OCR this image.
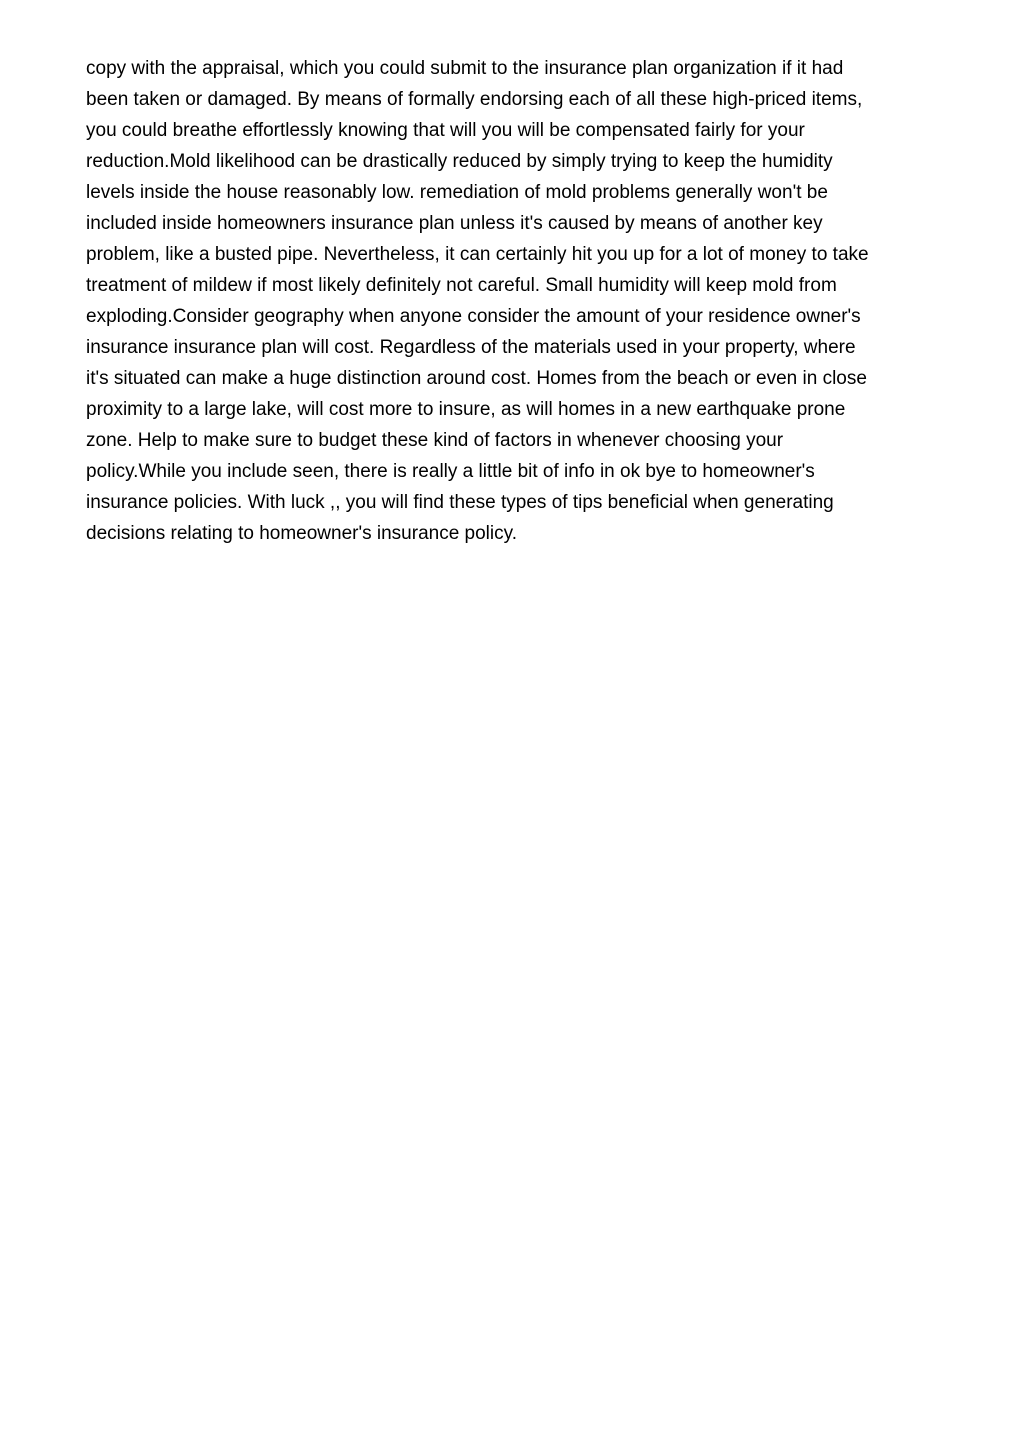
copy with the appraisal, which you could submit to the insurance plan organization if it had
been taken or damaged. By means of formally endorsing each of all these high-priced items,
you could breathe effortlessly knowing that will you will be compensated fairly for your
reduction.Mold likelihood can be drastically reduced by simply trying to keep the humidity
levels inside the house reasonably low. remediation of mold problems generally won't be
included inside homeowners insurance plan unless it's caused by means of another key
problem, like a busted pipe. Nevertheless, it can certainly hit you up for a lot of money to take
treatment of mildew if most likely definitely not careful. Small humidity will keep mold from
exploding.Consider geography when anyone consider the amount of your residence owner's
insurance insurance plan will cost. Regardless of the materials used in your property, where
it's situated can make a huge distinction around cost. Homes from the beach or even in close
proximity to a large lake, will cost more to insure, as will homes in a new earthquake prone
zone. Help to make sure to budget these kind of factors in whenever choosing your
policy.While you include seen, there is really a little bit of info in ok bye to homeowner's
insurance policies. With luck ,, you will find these types of tips beneficial when generating
decisions relating to homeowner's insurance policy.
